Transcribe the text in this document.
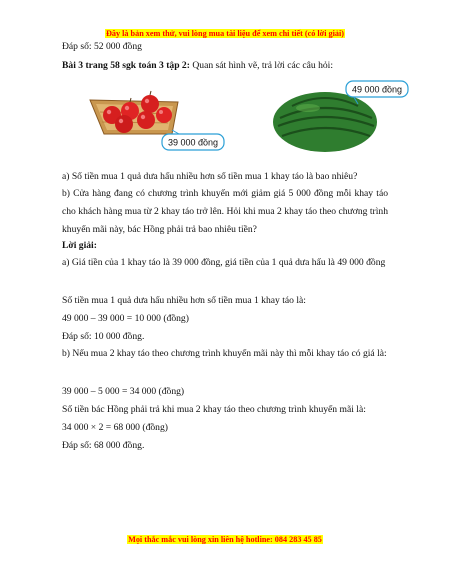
Đây là bản xem thử, vui lòng mua tài liệu để xem chi tiết (có lời giải)
Đáp số: 52 000 đồng
Bài 3 trang 58 sgk toán 3 tập 2: Quan sát hình vẽ, trả lời các câu hỏi:
39 000 đồng
49 000 đồng
a) Số tiền mua 1 quả dưa hấu nhiều hơn số tiền mua 1 khay táo là bao nhiêu?
b) Cửa hàng đang có chương trình khuyến mới giảm giá 5 000 đồng mỗi khay táo cho khách hàng mua từ 2 khay táo trở lên. Hỏi khi mua 2 khay táo theo chương trình khuyến mãi này, bác Hồng phải trả bao nhiêu tiền?
Lời giải:
a) Giá tiền của 1 khay táo là 39 000 đồng, giá tiền của 1 quả dưa hấu là 49 000 đồng
Số tiền mua 1 quả dưa hấu nhiều hơn số tiền mua 1 khay táo là:
49 000 – 39 000 = 10 000 (đồng)
Đáp số: 10 000 đồng.
b) Nếu mua 2 khay táo theo chương trình khuyến mãi này thì mỗi khay táo có giá là:
39 000 – 5 000 = 34 000 (đồng)
Số tiền bác Hồng phải trả khi mua 2 khay táo theo chương trình khuyến mãi là:
34 000 × 2 = 68 000 (đồng)
Đáp số: 68 000 đồng.
Mọi thắc mắc vui lòng xin liên hệ hotline: 084 283 45 85
